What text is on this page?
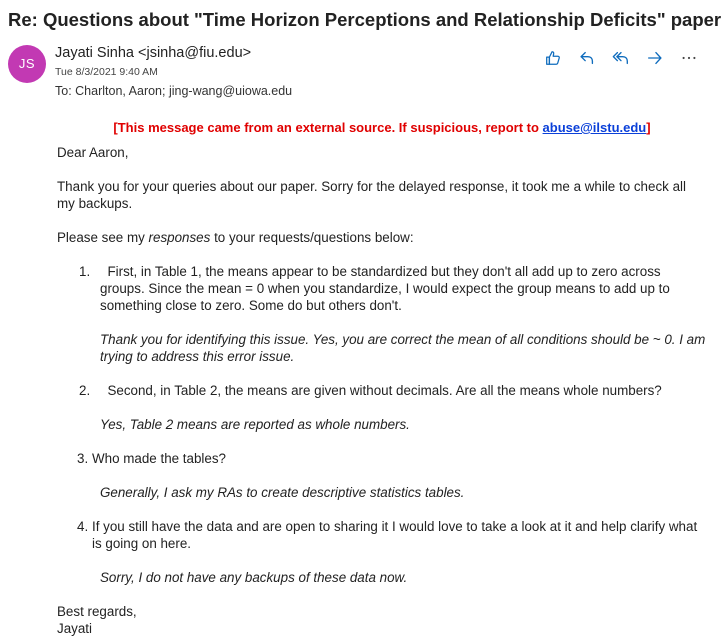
Re: Questions about "Time Horizon Perceptions and Relationship Deficits" paper
JS
Jayati Sinha <jsinha@fiu.edu>
Tue 8/3/2021 9:40 AM
To: Charlton, Aaron; jing-wang@uiowa.edu

[This message came from an external source. If suspicious, report to abuse@ilstu.edu]

Dear Aaron,

Thank you for your queries about our paper. Sorry for the delayed response, it took me a while to check all my backups.

Please see my responses to your requests/questions below:

1. First, in Table 1, the means appear to be standardized but they don't all add up to zero across groups. Since the mean = 0 when you standardize, I would expect the group means to add up to something close to zero. Some do but others don't.

Thank you for identifying this issue. Yes, you are correct the mean of all conditions should be ~ 0. I am trying to address this error issue.

2. Second, in Table 2, the means are given without decimals. Are all the means whole numbers?

Yes, Table 2 means are reported as whole numbers.

3. Who made the tables?

Generally, I ask my RAs to create descriptive statistics tables.

4. If you still have the data and are open to sharing it I would love to take a look at it and help clarify what is going on here.

Sorry, I do not have any backups of these data now.

Best regards,

Jayati
